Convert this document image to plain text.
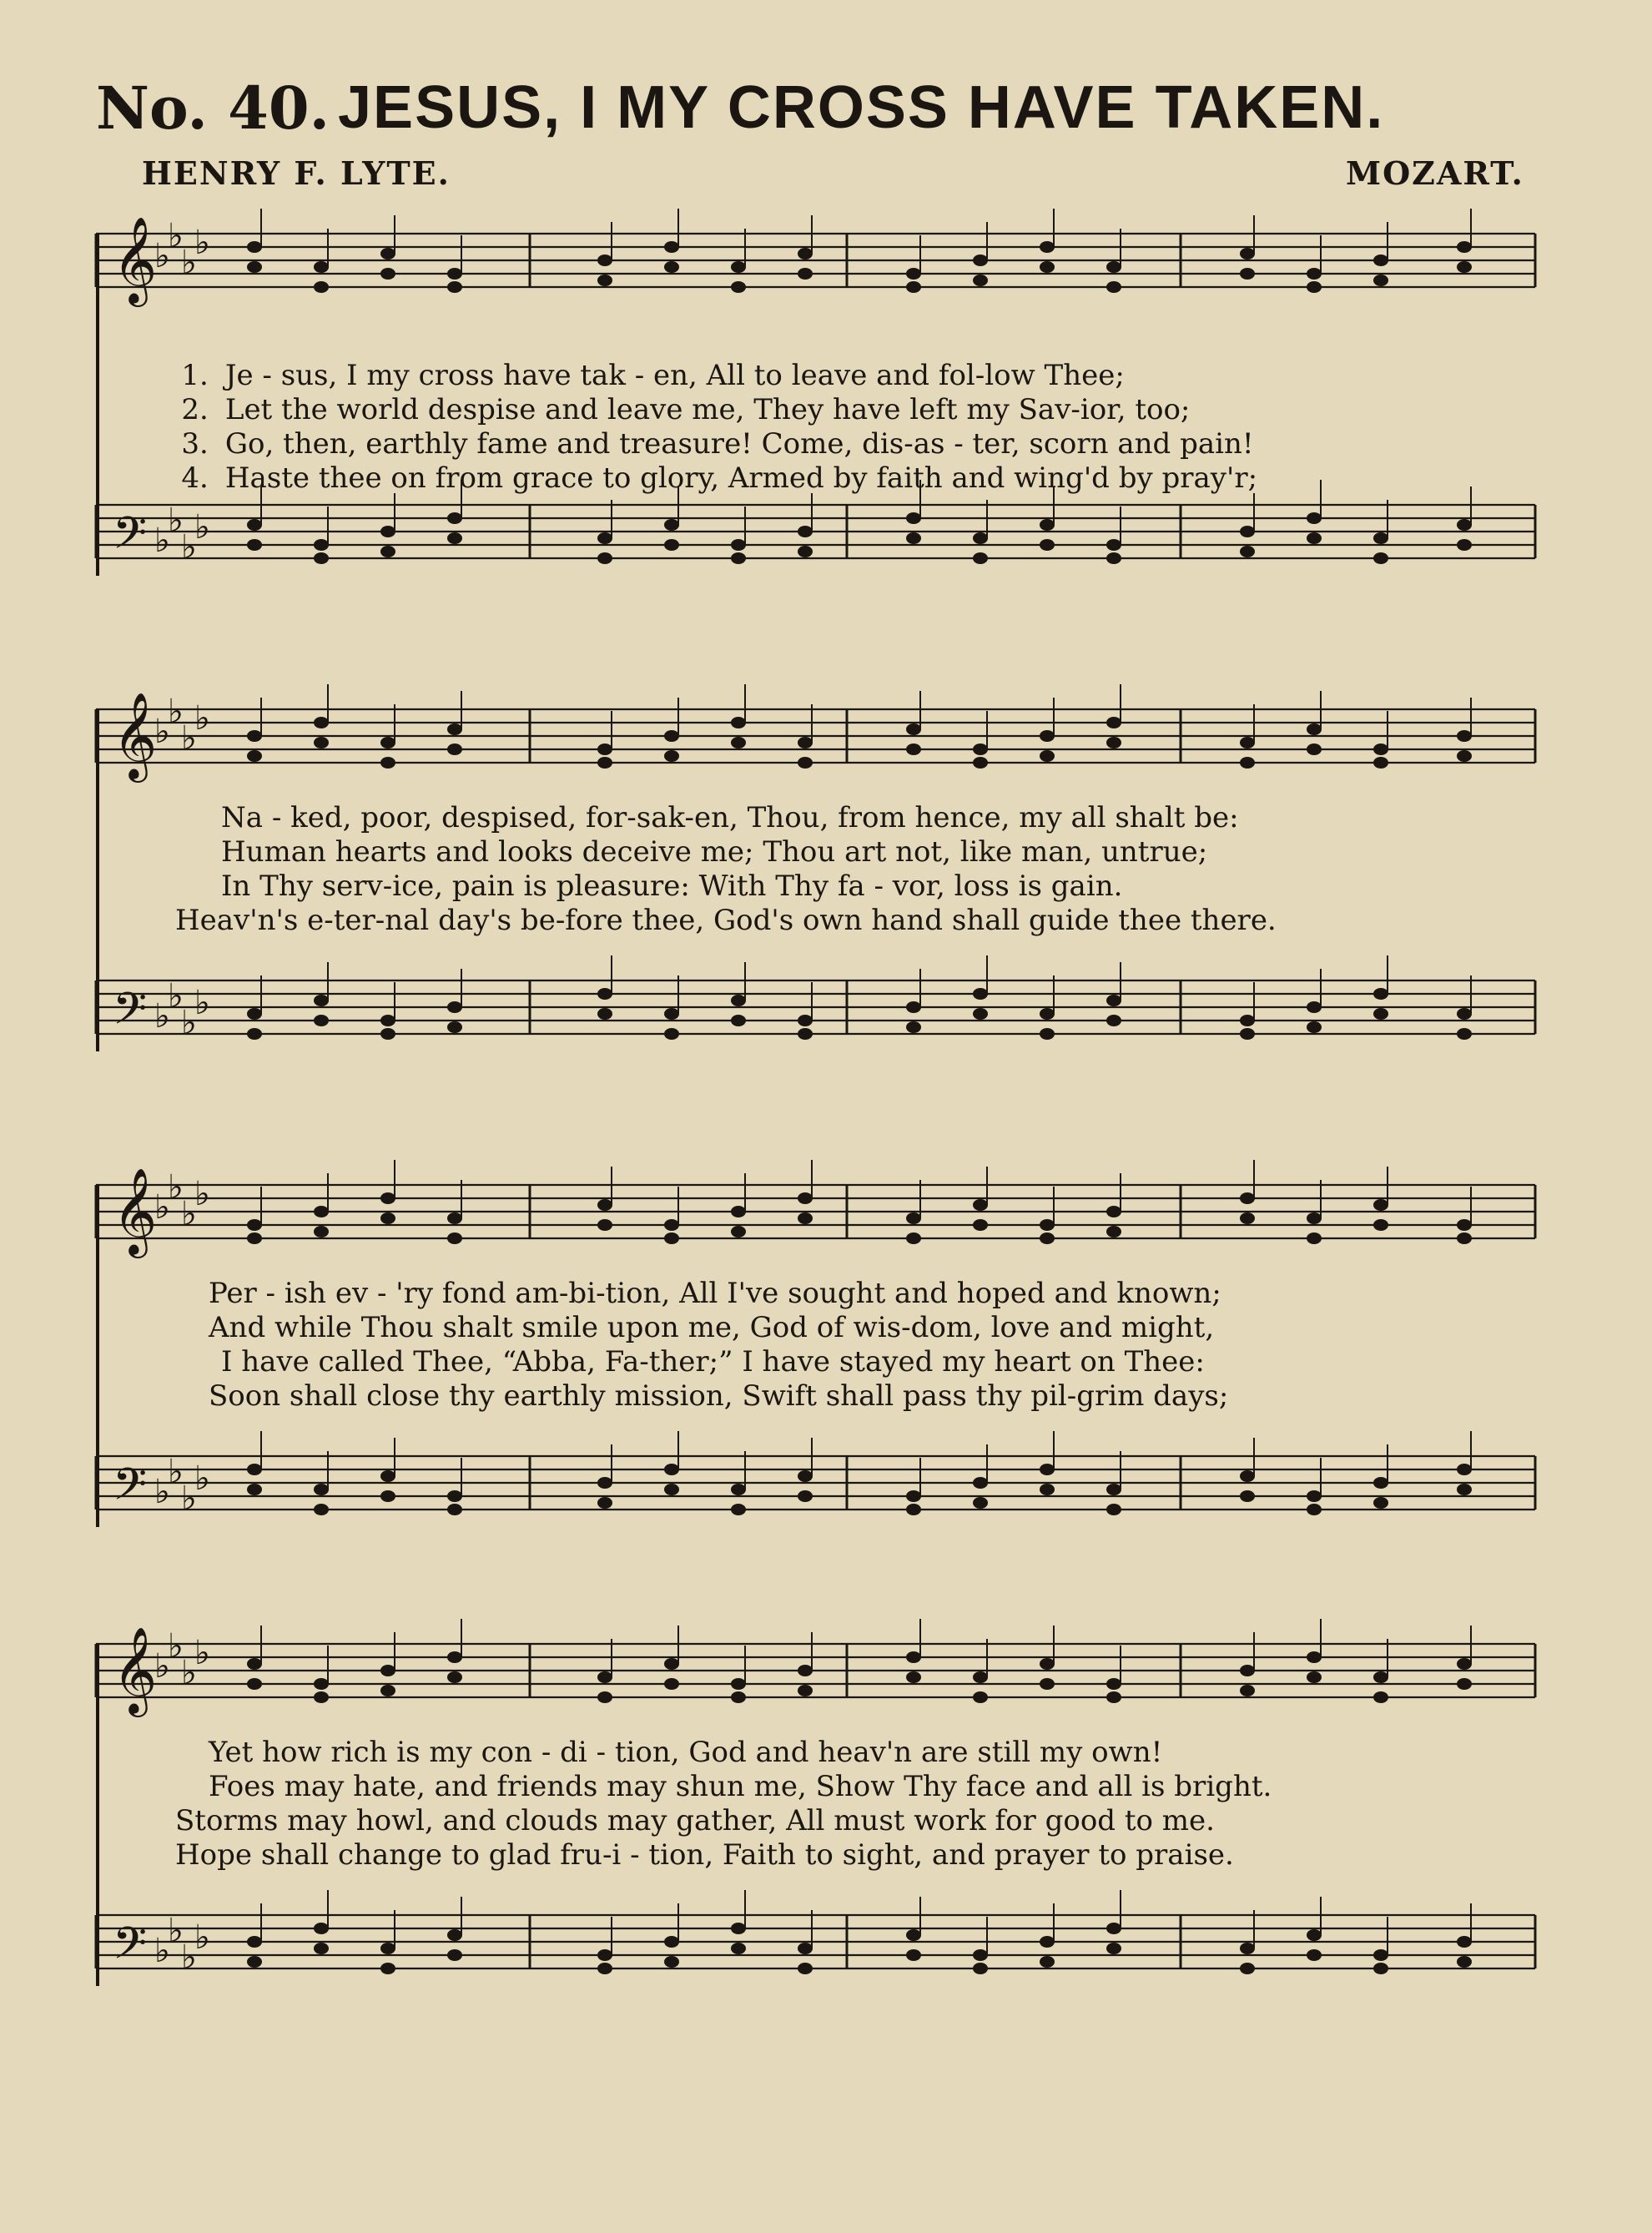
No. 40. JESUS, I MY CROSS HAVE TAKEN.
HENRY F. LYTE.	MOZART.
𝄞
♭
♭
♭
♭

1. Je - sus, I my cross have tak - en, All to leave and fol-low Thee;

2. Let the world despise and leave me, They have left my Sav-ior, too;

3. Go, then, earthly fame and treasure! Come, dis-as - ter, scorn and pain!

4. Haste thee on from grace to glory, Armed by faith and wing'd by pray'r;

𝄢 ♭
♭
♭
♭
𝄞
♭
♭
♭
♭
Na - ked, poor, despised, for-sak-en, Thou, from hence, my all shalt be:
Human hearts and looks deceive me; Thou art not, like man, untrue;
In Thy serv-ice, pain is pleasure: With Thy fa - vor, loss is gain.
Heav'n's e-ter-nal day's be-fore thee, God's own hand shall guide thee there.
𝄢 ♭
♭
♭
♭
𝄞
♭
♭
♭
♭
Per - ish ev - 'ry fond am-bi-tion, All I've sought and hoped and known;
And while Thou shalt smile upon me, God of wis-dom, love and might,
I have called Thee, “Abba, Fa-ther;” I have stayed my heart on Thee:
Soon shall close thy earthly mission, Swift shall pass thy pil-grim days;
𝄢 ♭
♭
♭
♭
𝄞
♭
♭
♭
♭
Yet how rich is my con - di - tion, God and heav'n are still my own!
Foes may hate, and friends may shun me, Show Thy face and all is bright.
Storms may howl, and clouds may gather, All must work for good to me.
Hope shall change to glad fru-i - tion, Faith to sight, and prayer to praise.
𝄢 ♭
♭
♭
♭
